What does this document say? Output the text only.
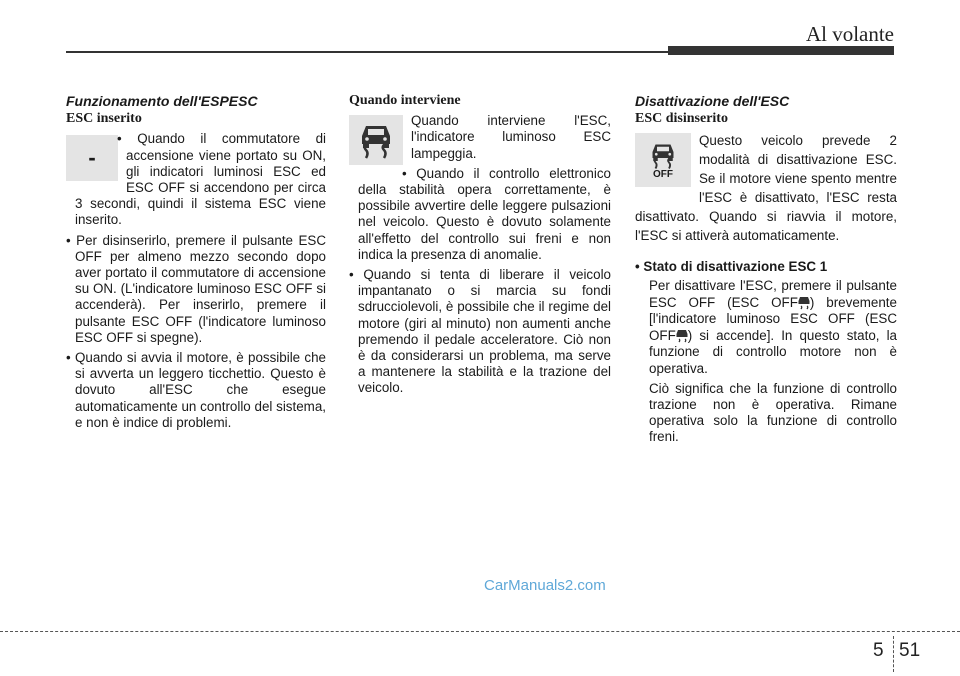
Al volante
Funzionamento dell'ESPESC
ESC inserito
-
• Quando il commutatore di accensione viene portato su ON, gli indicatori luminosi ESC ed ESC OFF si accendono per circa 3 secondi, quindi il sistema ESC viene inserito.
• Per disinserirlo, premere il pulsante ESC OFF per almeno mezzo secondo dopo aver portato il commutatore di accensione su ON. (L'indicatore luminoso ESC OFF si accenderà). Per inserirlo, premere il pulsante ESC OFF (l'indicatore luminoso ESC OFF si spegne).
• Quando si avvia il motore, è possibile che si avverta un leggero ticchettio. Questo è dovuto all'ESC che esegue automaticamente un controllo del sistema, e non è indice di problemi.
Quando interviene

Quando interviene l'ESC, l'indicatore luminoso ESC lampeggia.

• Quando il controllo elettronico della stabilità opera correttamente, è possibile avvertire delle leggere pulsazioni nel veicolo. Questo è dovuto solamente all'effetto del controllo sui freni e non indica la presenza di anomalie.
• Quando si tenta di liberare il veicolo impantanato o si marcia su fondi sdrucciolevoli, è possibile che il regime del motore (giri al minuto) non aumenti anche premendo il pedale acceleratore. Ciò non è da considerarsi un problema, ma serve a mantenere la stabilità e la trazione del veicolo.
Disattivazione dell'ESC
ESC disinserito
OFF

Questo veicolo prevede 2 modalità di disattivazione ESC. Se il motore viene spento mentre l'ESC è disattivato, l'ESC resta disattivato. Quando si riavvia il motore, l'ESC si attiverà automaticamente.

• Stato di disattivazione ESC 1

Per disattivare l'ESC, premere il pulsante ESC OFF (ESC OFF ) brevemente [l'indicatore luminoso ESC OFF (ESC OFF ) si accende]. In questo stato, la funzione di controllo motore non è operativa.

Ciò significa che la funzione di controllo trazione non è operativa. Rimane operativa solo la funzione di controllo freni.

CarManuals2.com
5 51
